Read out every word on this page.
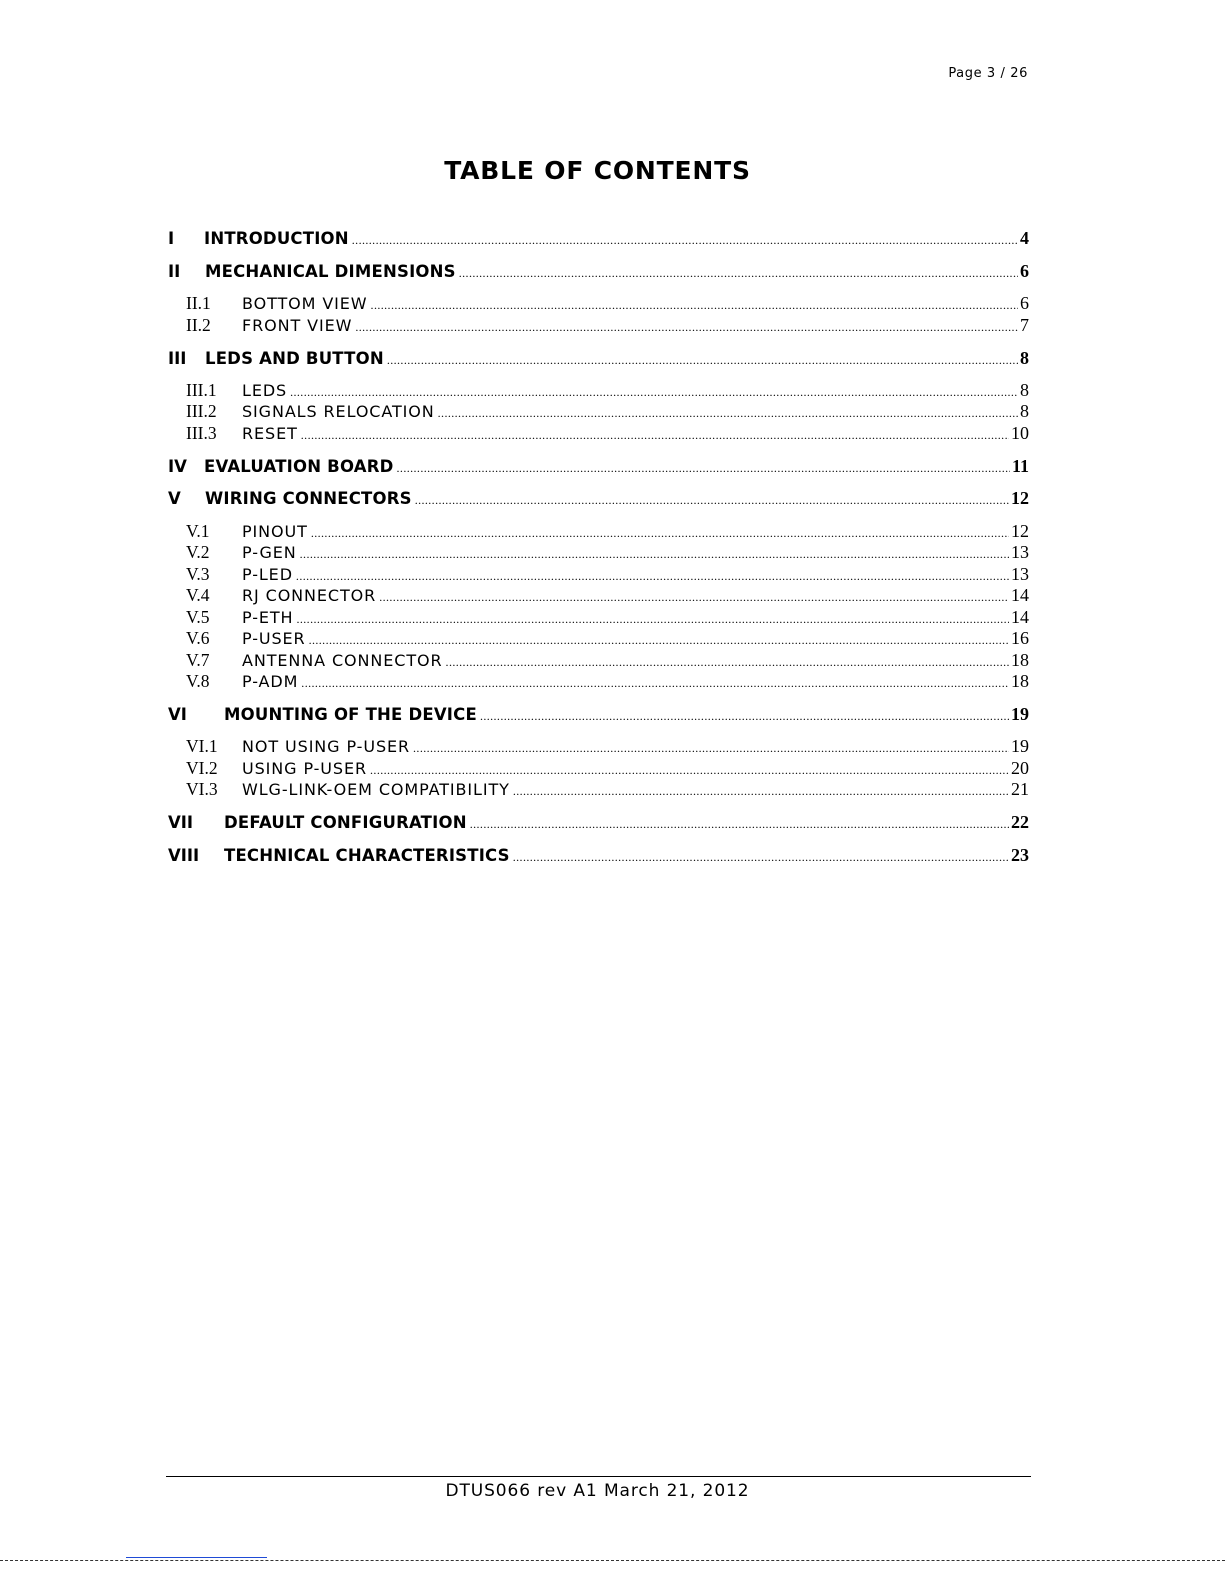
Page 3 / 26
TABLE OF CONTENTS
I	INTRODUCTION .....	4
II	MECHANICAL DIMENSIONS .....	6
II.1	BOTTOM VIEW .....	6
II.2	FRONT VIEW .....	7
III	LEDS AND BUTTON .....	8
III.1	LEDS .....	8
III.2	SIGNALS RELOCATION .....	8
III.3	RESET .....	10
IV	EVALUATION BOARD .....	11
V	WIRING CONNECTORS .....	12
V.1	PINOUT .....	12
V.2	P-GEN .....	13
V.3	P-LED .....	13
V.4	RJ CONNECTOR .....	14
V.5	P-ETH .....	14
V.6	P-USER .....	16
V.7	ANTENNA CONNECTOR .....	18
V.8	P-ADM .....	18
VI	MOUNTING OF THE DEVICE .....	19
VI.1	NOT USING P-USER .....	19
VI.2	USING P-USER .....	20
VI.3	WLG-LINK-OEM COMPATIBILITY .....	21
VII	DEFAULT CONFIGURATION .....	22
VIII	TECHNICAL CHARACTERISTICS .....	23
DTUS066 rev A1 March 21, 2012
